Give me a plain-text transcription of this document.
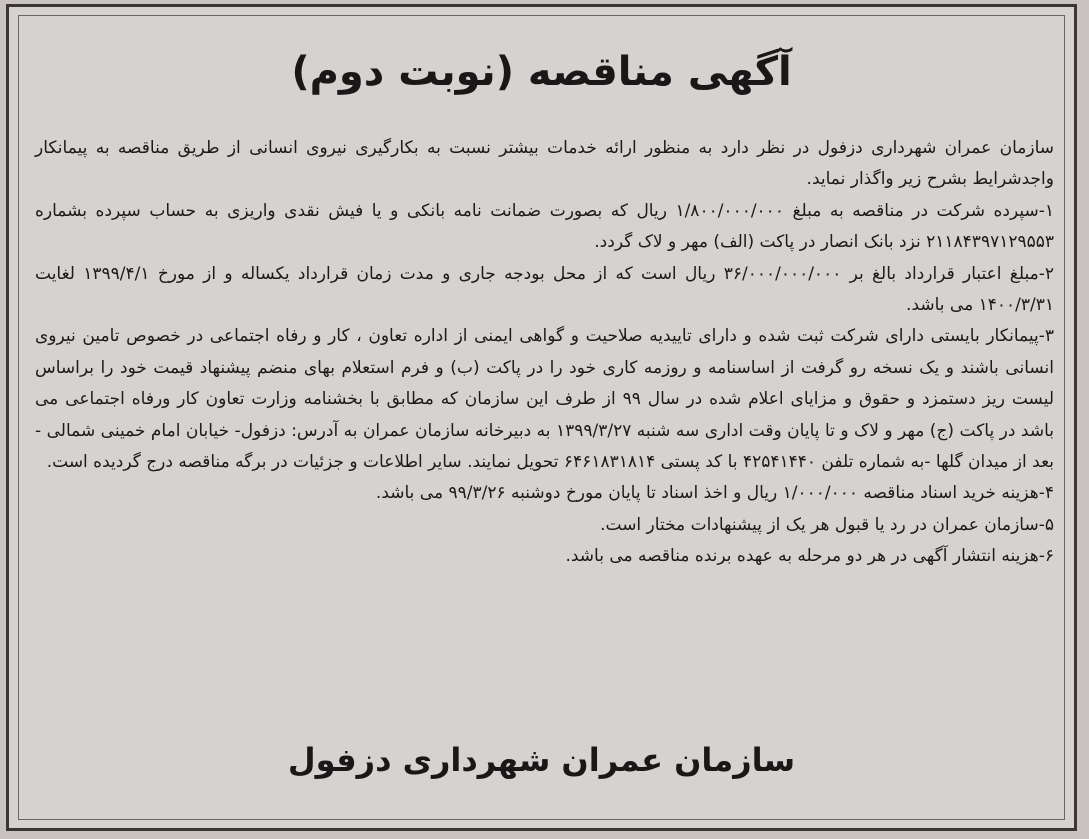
آگهی مناقصه (نوبت دوم)

سازمان عمران شهرداری دزفول در نظر دارد به منظور ارائه خدمات بیشتر نسبت به بکارگیری نیروی انسانی از طریق مناقصه به پیمانکار واجدشرایط بشرح زیر واگذار نماید.

۱-سپرده شرکت در مناقصه به مبلغ ۱/۸۰۰/۰۰۰/۰۰۰ ریال که بصورت ضمانت نامه بانکی و یا فیش نقدی واریزی به حساب سپرده بشماره ۲۱۱۸۴۳۹۷۱۲۹۵۵۳ نزد بانک انصار در پاکت (الف) مهر و لاک گردد.

۲-مبلغ اعتبار قرارداد بالغ بر ۳۶/۰۰۰/۰۰۰/۰۰۰ ریال است که از محل بودجه جاری و مدت زمان قرارداد یکساله و از مورخ ۱۳۹۹/۴/۱ لغایت ۱۴۰۰/۳/۳۱ می باشد.

۳-پیمانکار بایستی دارای شرکت ثبت شده و دارای تاییدیه صلاحیت و گواهی ایمنی از اداره تعاون ، کار و رفاه اجتماعی در خصوص تامین نیروی انسانی باشند و یک نسخه رو گرفت از اساسنامه و روزمه کاری خود را در پاکت (ب) و فرم استعلام بهای منضم پیشنهاد قیمت خود را براساس لیست ریز دستمزد و حقوق و مزایای اعلام شده در سال ۹۹ از طرف این سازمان که مطابق با بخشنامه وزارت تعاون کار ورفاه اجتماعی می باشد در پاکت (ج) مهر و لاک و تا پایان وقت اداری سه شنبه ۱۳۹۹/۳/۲۷ به دبیرخانه سازمان عمران به آدرس: دزفول- خیابان امام خمینی شمالی - بعد از میدان گلها -به شماره تلفن ۴۲۵۴۱۴۴۰ با کد پستی ۶۴۶۱۸۳۱۸۱۴ تحویل نمایند. سایر اطلاعات و جزئیات در برگه مناقصه درج گردیده است.

۴-هزینه خرید اسناد مناقصه ۱/۰۰۰/۰۰۰ ریال و اخذ اسناد تا پایان مورخ دوشنبه ۹۹/۳/۲۶ می باشد.

۵-سازمان عمران در رد یا قبول هر یک از پیشنهادات مختار است.

۶-هزینه انتشار آگهی در هر دو مرحله به عهده برنده مناقصه می باشد.

سازمان عمران شهرداری دزفول
